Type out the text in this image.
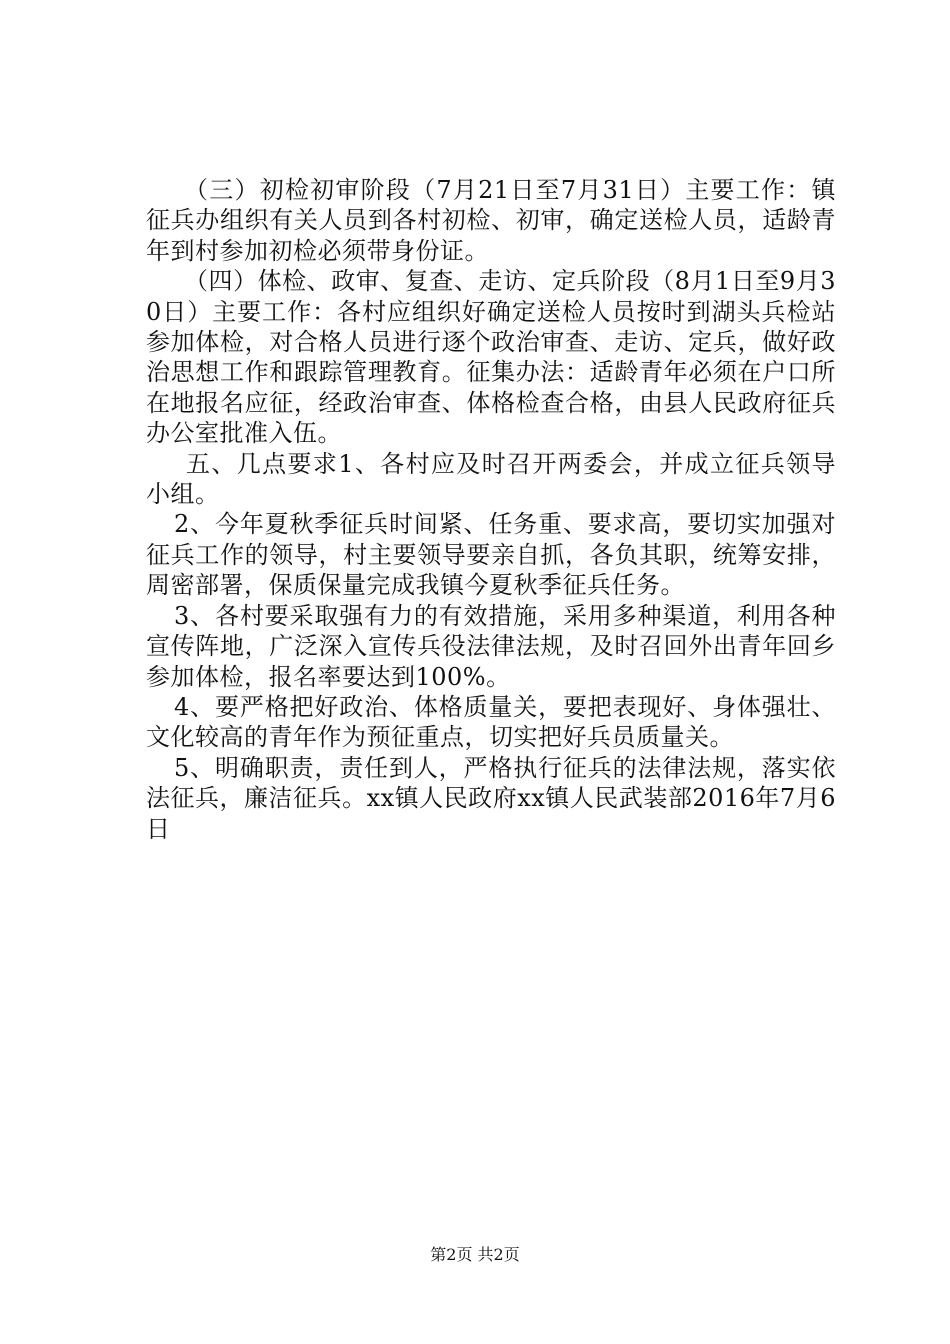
（三）初检初审阶段（7月21日至7月31日）主要工作：镇征兵办组织有关人员到各村初检、初审，确定送检人员，适龄青年到村参加初检必须带身份证。

（四）体检、政审、复查、走访、定兵阶段（8月1日至9月30日）主要工作：各村应组织好确定送检人员按时到湖头兵检站参加体检，对合格人员进行逐个政治审查、走访、定兵，做好政治思想工作和跟踪管理教育。征集办法：适龄青年必须在户口所在地报名应征，经政治审查、体格检查合格，由县人民政府征兵办公室批准入伍。

五、几点要求1、各村应及时召开两委会，并成立征兵领导小组。

2、今年夏秋季征兵时间紧、任务重、要求高，要切实加强对征兵工作的领导，村主要领导要亲自抓，各负其职，统筹安排，周密部署，保质保量完成我镇今夏秋季征兵任务。

3、各村要采取强有力的有效措施，采用多种渠道，利用各种宣传阵地，广泛深入宣传兵役法律法规，及时召回外出青年回乡参加体检，报名率要达到100%。

4、要严格把好政治、体格质量关，要把表现好、身体强壮、文化较高的青年作为预征重点，切实把好兵员质量关。

5、明确职责，责任到人，严格执行征兵的法律法规，落实依法征兵，廉洁征兵。xx镇人民政府xx镇人民武装部2016年7月6日

第2页 共2页
